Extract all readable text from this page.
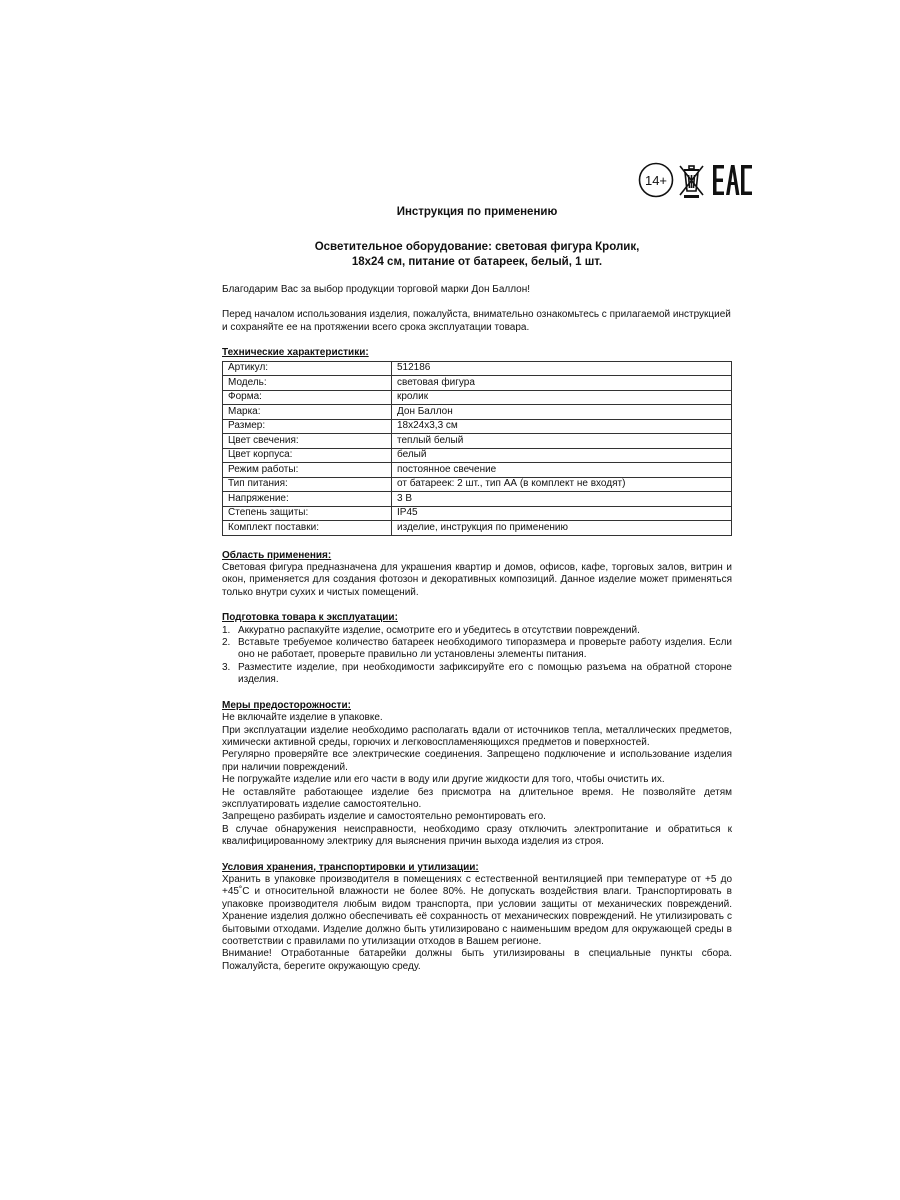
14+
Инструкция по применению
Осветительное оборудование: световая фигура Кролик,
18x24 см, питание от батареек, белый, 1 шт.

Благодарим Вас за выбор продукции торговой марки Дон Баллон!

Перед началом использования изделия, пожалуйста, внимательно ознакомьтесь с прилагаемой инструкцией и сохраняйте ее на протяжении всего срока эксплуатации товара.

Технические характеристики:

Артикул:	512186
Модель:	световая фигура
Форма:	кролик
Марка:	Дон Баллон
Размер:	18x24x3,3 см
Цвет свечения:	теплый белый
Цвет корпуса:	белый
Режим работы:	постоянное свечение
Тип питания:	от батареек: 2 шт., тип АА (в комплект не входят)
Напряжение:	3 В
Степень защиты:	IP45
Комплект поставки:	изделие, инструкция по применению

Область применения:

Световая фигура предназначена для украшения квартир и домов, офисов, кафе, торговых залов, витрин и окон, применяется для создания фотозон и декоративных композиций. Данное изделие может применяться только внутри сухих и чистых помещений.

Подготовка товара к эксплуатации:

1. Аккуратно распакуйте изделие, осмотрите его и убедитесь в отсутствии повреждений.
2. Вставьте требуемое количество батареек необходимого типоразмера и проверьте работу изделия. Если оно не работает, проверьте правильно ли установлены элементы питания.
3. Разместите изделие, при необходимости зафиксируйте его с помощью разъема на обратной стороне изделия.

Меры предосторожности:

Не включайте изделие в упаковке.

При эксплуатации изделие необходимо располагать вдали от источников тепла, металлических предметов, химически активной среды, горючих и легковоспламеняющихся предметов и поверхностей.

Регулярно проверяйте все электрические соединения. Запрещено подключение и использование изделия при наличии повреждений.

Не погружайте изделие или его части в воду или другие жидкости для того, чтобы очистить их.

Не оставляйте работающее изделие без присмотра на длительное время. Не позволяйте детям эксплуатировать изделие самостоятельно.

Запрещено разбирать изделие и самостоятельно ремонтировать его.

В случае обнаружения неисправности, необходимо сразу отключить электропитание и обратиться к квалифицированному электрику для выяснения причин выхода изделия из строя.

Условия хранения, транспортировки и утилизации:

Хранить в упаковке производителя в помещениях с естественной вентиляцией при температуре от +5 до +45˚С и относительной влажности не более 80%. Не допускать воздействия влаги. Транспортировать в упаковке производителя любым видом транспорта, при условии защиты от механических повреждений. Хранение изделия должно обеспечивать её сохранность от механических повреждений. Не утилизировать с бытовыми отходами. Изделие должно быть утилизировано с наименьшим вредом для окружающей среды в соответствии с правилами по утилизации отходов в Вашем регионе.

Внимание! Отработанные батарейки должны быть утилизированы в специальные пункты сбора. Пожалуйста, берегите окружающую среду.
